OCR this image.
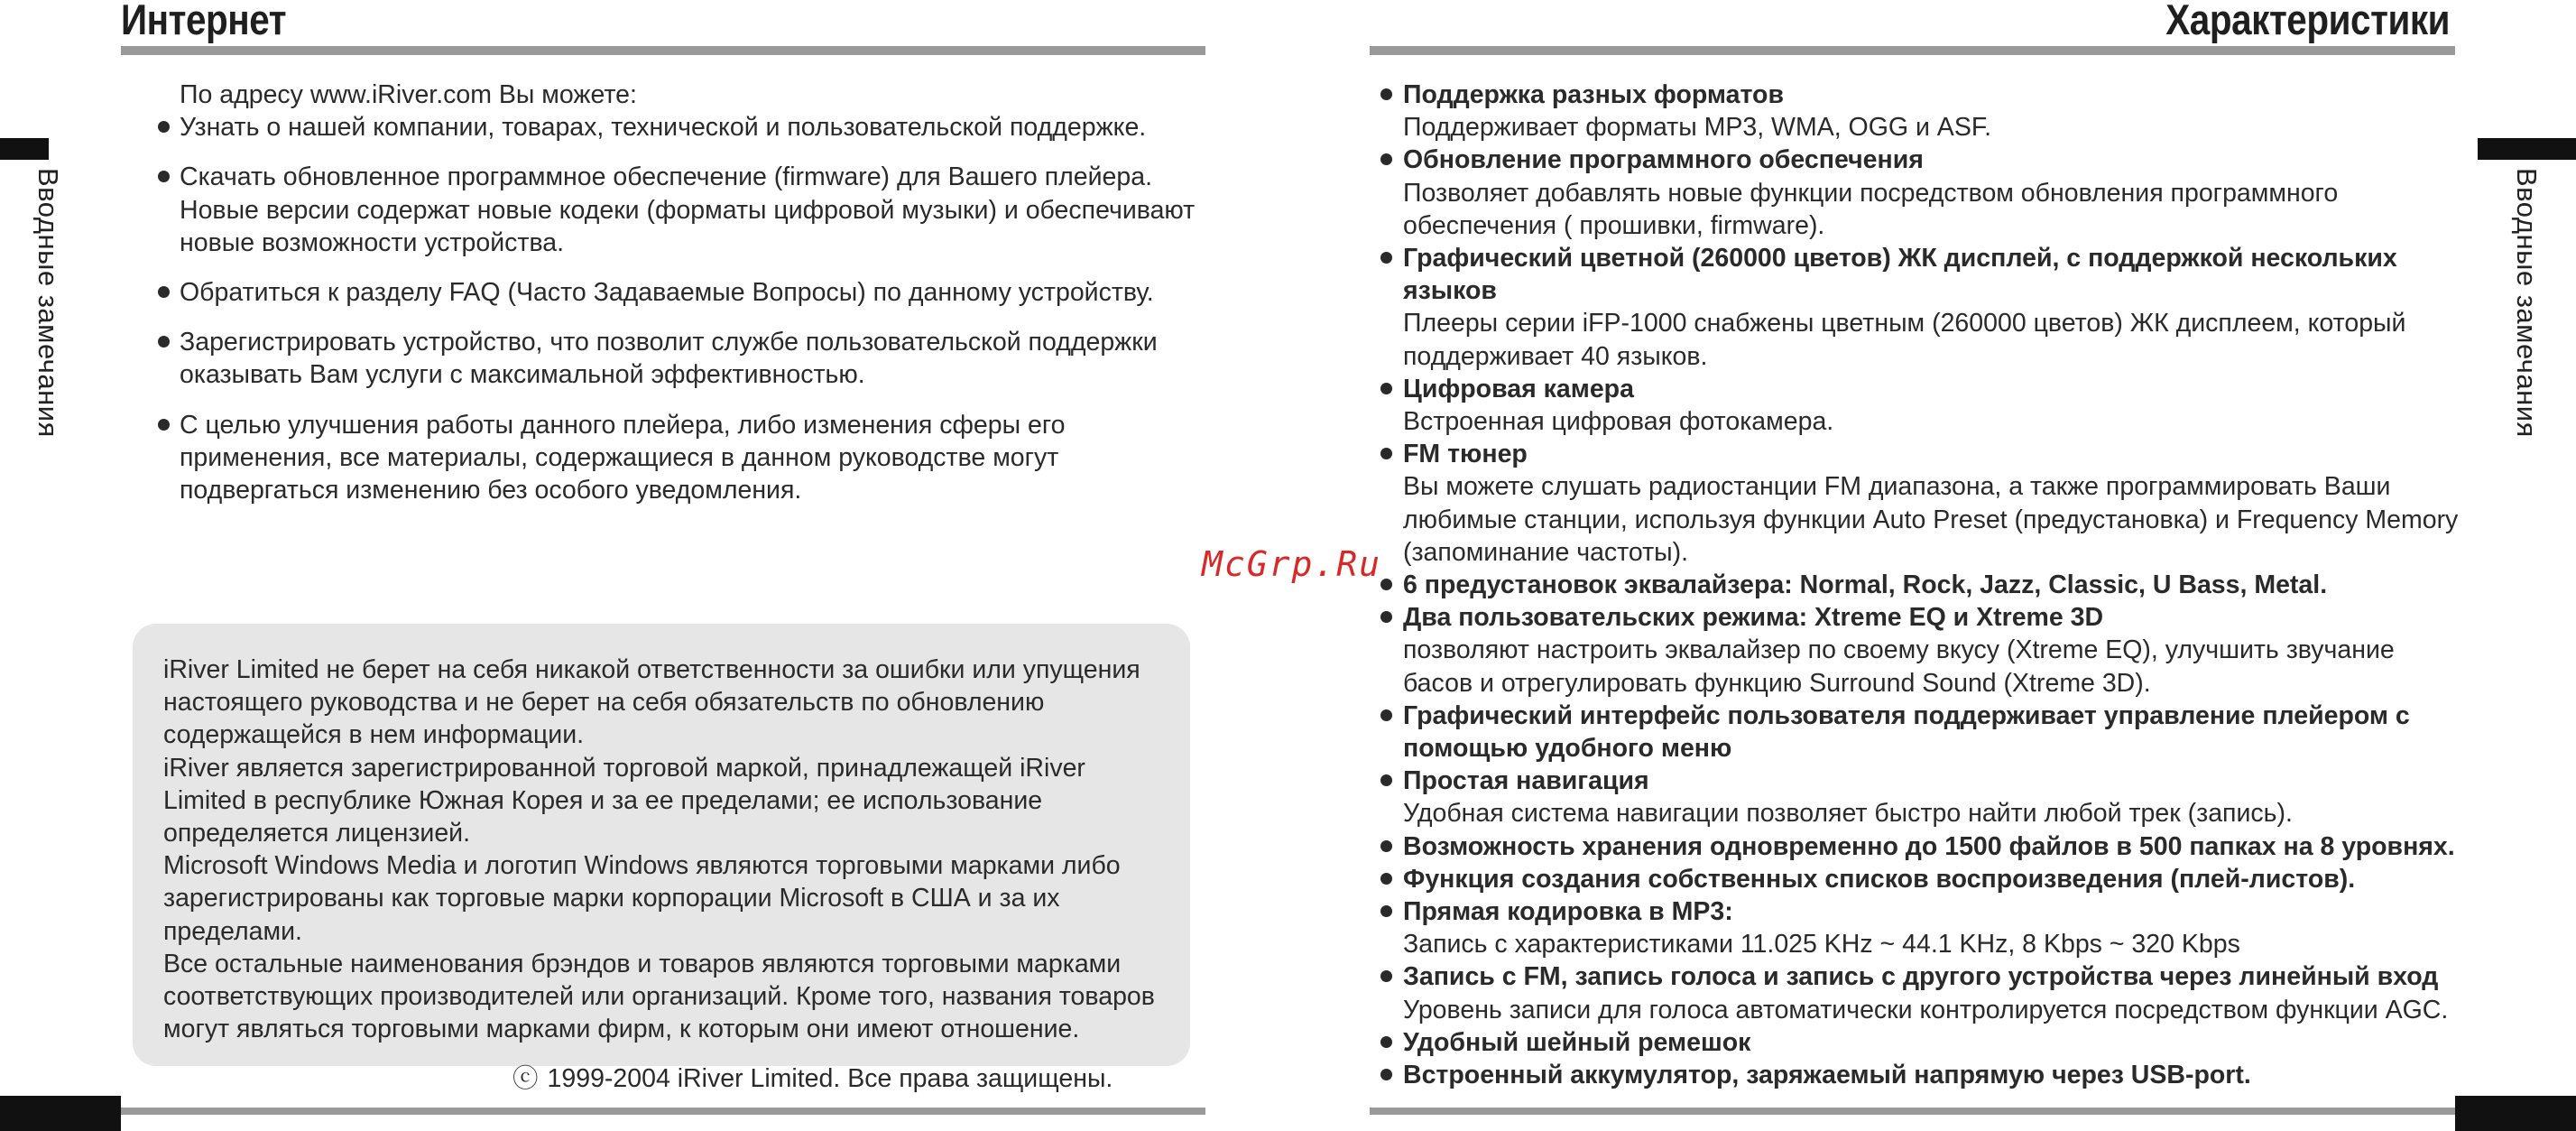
Интернет
Вводные замечания

По адресу www.iRiver.com Вы можете:

Узнать о нашей компании, товарах, технической и пользовательской поддержке.
Скачать обновленное программное обеспечение (firmware) для Вашего плейера. Новые версии содержат новые кодеки (форматы цифровой музыки) и обеспечивают новые возможности устройства.
Обратиться к разделу FAQ (Часто Задаваемые Вопросы) по данному устройству.
Зарегистрировать устройство, что позволит службе пользовательской поддержки оказывать Вам услуги с максимальной эффективностью.
С целью улучшения работы данного плейера, либо изменения сферы его применения, все материалы, содержащиеся в данном руководстве могут подвергаться изменению без особого уведомления.

iRiver Limited не берет на себя никакой ответственности за ошибки или упущения настоящего руководства и не берет на себя обязательств по обновлению содержащейся в нем информации.

iRiver является зарегистрированной торговой маркой, принадлежащей iRiver Limited в республике Южная Корея и за ее пределами; ее использование определяется лицензией.

Microsoft Windows Media и логотип Windows являются торговыми марками либо зарегистрированы как торговые марки корпорации Microsoft в США и за их пределами.

Все остальные наименования брэндов и товаров являются торговыми марками соответствующих производителей или организаций. Кроме того, названия товаров могут являться торговыми марками фирм, к которым они имеют отношение.

ⓒ 1999-2004 iRiver Limited. Все права защищены.

Характеристики
Вводные замечания
Поддержка разных форматов
Поддерживает форматы MP3, WMA, OGG и ASF.
Обновление программного обеспечения
Позволяет добавлять новые функции посредством обновления программного обеспечения ( прошивки, firmware).
Графический цветной (260000 цветов) ЖК дисплей, с поддержкой нескольких языков
Плееры серии iFP-1000 снабжены цветным (260000 цветов) ЖК дисплеем, который поддерживает 40 языков.
Цифровая камера
Встроенная цифровая фотокамера.
FM тюнер
Вы можете слушать радиостанции FM диапазона, а также программировать Ваши любимые станции, используя функции Auto Preset (предустановка) и Frequency Memory (запоминание частоты).
6 предустановок эквалайзера: Normal, Rock, Jazz, Classic, U Bass, Metal.
Два пользовательских режима: Xtreme EQ и Xtreme 3D
позволяют настроить эквалайзер по своему вкусу (Xtreme EQ), улучшить звучание басов и отрегулировать функцию Surround Sound (Xtreme 3D).
Графический интерфейс пользователя поддерживает управление плейером с помощью удобного меню
Простая навигация
Удобная система навигации позволяет быстро найти любой трек (запись).
Возможность хранения одновременно до 1500 файлов в 500 папках на 8 уровнях.
Функция создания собственных списков воспроизведения (плей-листов).
Прямая кодировка в MP3:
Запись с характеристиками 11.025 KHz ~ 44.1 KHz, 8 Kbps ~ 320 Kbps
Запись с FM, запись голоса и запись с другого устройства через линейный вход
Уровень записи для голоса автоматически контролируется посредством функции AGC.
Удобный шейный ремешок
Встроенный аккумулятор, заряжаемый напрямую через USB-port.
McGrp.Ru
